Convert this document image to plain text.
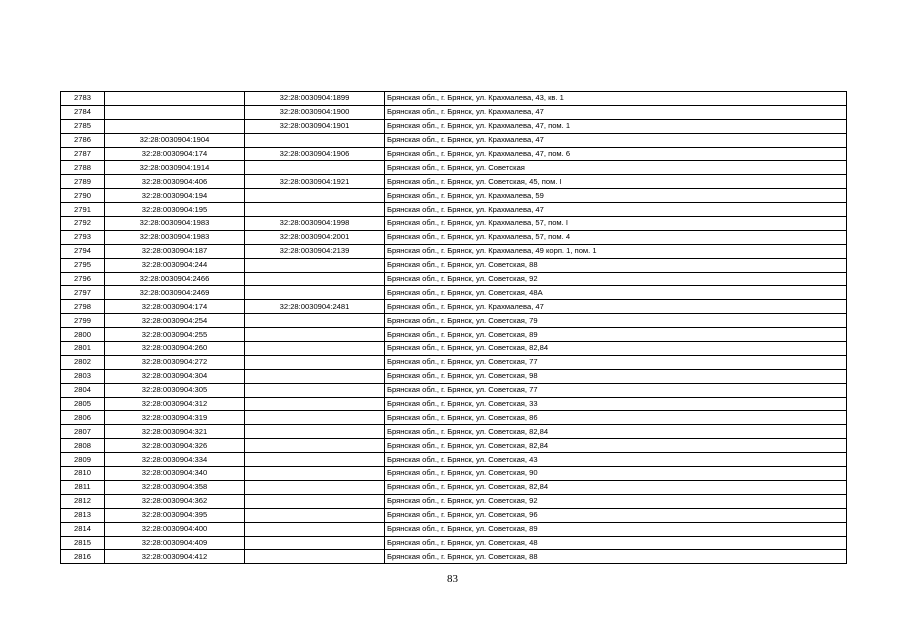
2783		32:28:0030904:1899	Брянская обл., г. Брянск, ул. Крахмалева, 43, кв. 1
2784		32:28:0030904:1900	Брянская обл., г. Брянск, ул. Крахмалева, 47
2785		32:28:0030904:1901	Брянская обл., г. Брянск, ул. Крахмалева, 47, пом. 1
2786	32:28:0030904:1904		Брянская обл., г. Брянск, ул. Крахмалева, 47
2787	32:28:0030904:174	32:28:0030904:1906	Брянская обл., г. Брянск, ул. Крахмалева, 47, пом. 6
2788	32:28:0030904:1914		Брянская обл., г. Брянск, ул. Советская
2789	32:28:0030904:406	32:28:0030904:1921	Брянская обл., г. Брянск, ул. Советская, 45, пом. I
2790	32:28:0030904:194		Брянская обл., г. Брянск, ул. Крахмалева, 59
2791	32:28:0030904:195		Брянская обл., г. Брянск, ул. Крахмалева, 47
2792	32:28:0030904:1983	32:28:0030904:1998	Брянская обл., г. Брянск, ул. Крахмалева, 57, пом. I
2793	32:28:0030904:1983	32:28:0030904:2001	Брянская обл., г. Брянск, ул. Крахмалева, 57, пом. 4
2794	32:28:0030904:187	32:28:0030904:2139	Брянская обл., г. Брянск, ул. Крахмалева, 49 корп. 1, пом. 1
2795	32:28:0030904:244		Брянская обл., г. Брянск, ул. Советская, 88
2796	32:28:0030904:2466		Брянская обл., г. Брянск, ул. Советская, 92
2797	32:28:0030904:2469		Брянская обл., г. Брянск, ул. Советская, 48А
2798	32:28:0030904:174	32:28:0030904:2481	Брянская обл., г. Брянск, ул. Крахмалева, 47
2799	32:28:0030904:254		Брянская обл., г. Брянск, ул. Советская, 79
2800	32:28:0030904:255		Брянская обл., г. Брянск, ул. Советская, 89
2801	32:28:0030904:260		Брянская обл., г. Брянск, ул. Советская, 82,84
2802	32:28:0030904:272		Брянская обл., г. Брянск, ул. Советская, 77
2803	32:28:0030904:304		Брянская обл., г. Брянск, ул. Советская, 98
2804	32:28:0030904:305		Брянская обл., г. Брянск, ул. Советская, 77
2805	32:28:0030904:312		Брянская обл., г. Брянск, ул. Советская, 33
2806	32:28:0030904:319		Брянская обл., г. Брянск, ул. Советская, 86
2807	32:28:0030904:321		Брянская обл., г. Брянск, ул. Советская, 82,84
2808	32:28:0030904:326		Брянская обл., г. Брянск, ул. Советская, 82,84
2809	32:28:0030904:334		Брянская обл., г. Брянск, ул. Советская, 43
2810	32:28:0030904:340		Брянская обл., г. Брянск, ул. Советская, 90
2811	32:28:0030904:358		Брянская обл., г. Брянск, ул. Советская, 82,84
2812	32:28:0030904:362		Брянская обл., г. Брянск, ул. Советская, 92
2813	32:28:0030904:395		Брянская обл., г. Брянск, ул. Советская, 96
2814	32:28:0030904:400		Брянская обл., г. Брянск, ул. Советская, 89
2815	32:28:0030904:409		Брянская обл., г. Брянск, ул. Советская, 48
2816	32:28:0030904:412		Брянская обл., г. Брянск, ул. Советская, 88
83
